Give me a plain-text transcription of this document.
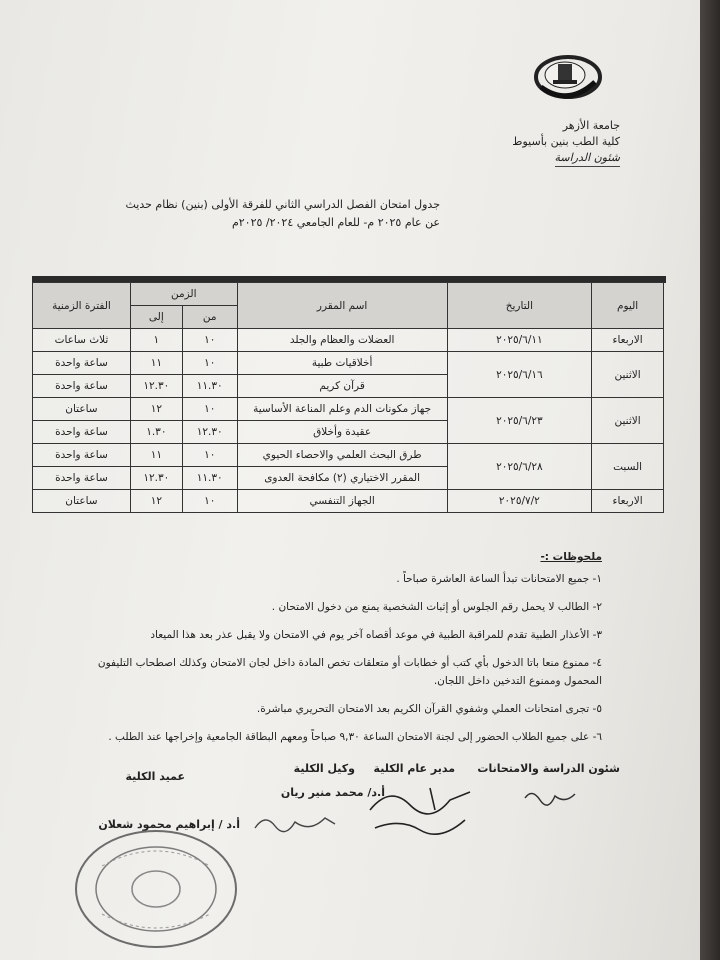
جامعة الأزهر
كلية الطب بنين بأسيوط
شئون الدراسة
جدول امتحان الفصل الدراسي الثاني للفرقة الأولى (بنين) نظام حديث
عن عام ٢٠٢٥ م- للعام الجامعي ٢٠٢٤/ ٢٠٢٥م
اليوم	التاريخ	اسم المقرر	الزمن		الفترة الزمنية
			من	إلى	
الاربعاء	٢٠٢٥/٦/١١	العضلات والعظام والجلد	١٠	١	ثلاث ساعات
الاثنين	٢٠٢٥/٦/١٦	أخلاقيات طبية	١٠	١١	ساعة واحدة
		قرآن كريم	١١.٣٠	١٢.٣٠	ساعة واحدة
الاثنين	٢٠٢٥/٦/٢٣	جهاز مكونات الدم وعلم المناعة الأساسية	١٠	١٢	ساعتان
		عقيدة وأخلاق	١٢.٣٠	١.٣٠	ساعة واحدة
السبت	٢٠٢٥/٦/٢٨	طرق البحث العلمي والاحصاء الحيوي	١٠	١١	ساعة واحدة
		المقرر الاختياري (٢) مكافحة العدوى	١١.٣٠	١٢.٣٠	ساعة واحدة
الاربعاء	٢٠٢٥/٧/٢	الجهاز التنفسي	١٠	١٢	ساعتان
ملحوظات :-
١- جميع الامتحانات تبدأ الساعة العاشرة صباحاً .
٢- الطالب لا يحمل رقم الجلوس أو إثبات الشخصية يمنع من دخول الامتحان .
٣- الأعذار الطبية تقدم للمراقبة الطبية في موعد أقصاه آخر يوم في الامتحان ولا يقبل عذر بعد هذا الميعاد
٤- ممنوع منعا باتا الدخول بأي كتب أو خطابات أو متعلقات تخص المادة داخل لجان الامتحان وكذلك اصطحاب التليفون المحمول وممنوع التدخين داخل اللجان.
٥- تجرى امتحانات العملي وشفوي القرآن الكريم بعد الامتحان التحريري مباشرة.
٦- على جميع الطلاب الحضور إلى لجنة الامتحان الساعة ٩,٣٠ صباحاً ومعهم البطاقة الجامعية وإخراجها عند الطلب .
شئون الدراسة والامتحانات
مدير عام الكلية
وكيل الكلية
أ.د/ محمد منير ريان
عميد الكلية
أ.د / إبراهيم محمود شعلان
